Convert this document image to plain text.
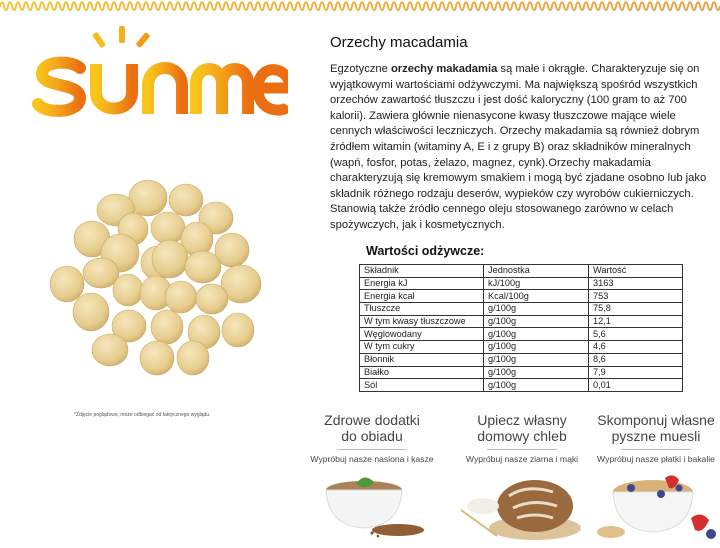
*Zdjęcie poglądowe, może odbiegać od faktycznego wyglądu.
Orzechy macadamia
Egzotyczne orzechy makadamia są małe i okrągłe. Charakteryzuje się on wyjątkowymi wartościami odżywczymi. Ma największą spośród wszystkich orzechów zawartość tłuszczu i jest dość kaloryczny (100 gram to aż 700 kalorii). Zawiera głównie nienasycone kwasy tłuszczowe mające wiele cennych właściwości leczniczych. Orzechy makadamia są również dobrym źródłem witamin (witaminy A, E i z grupy B) oraz składników mineralnych (wapń, fosfor, potas, żelazo, magnez, cynk).Orzechy makadamia charakteryzują się kremowym smakiem i mogą być zjadane osobno lub jako składnik różnego rodzaju deserów, wypieków czy wyrobów cukierniczych. Stanowią także źródło cennego oleju stosowanego zarówno w celach spożywczych, jak i kosmetycznych.
Wartości odżywcze:
Składnik	Jednostka	Wartość
Energia kJ	kJ/100g	3163
Energia kcal	Kcal/100g	753
Tłuszcze	g/100g	75,8
W tym kwasy tłuszczowe	g/100g	12,1
Węglowodany	g/100g	5,6
W tym cukry	g/100g	4,6
Błonnik	g/100g	8,6
Białko	g/100g	7,9
Sól	g/100g	0,01
Zdrowe dodatki
do obiadu
Wypróbuj nasze nasiona i kasze
Upiecz własny
domowy chleb
Wypróbuj nasze ziarna i mąki
Skomponuj własne
pyszne muesli
Wypróbuj nasze płatki i bakalie
